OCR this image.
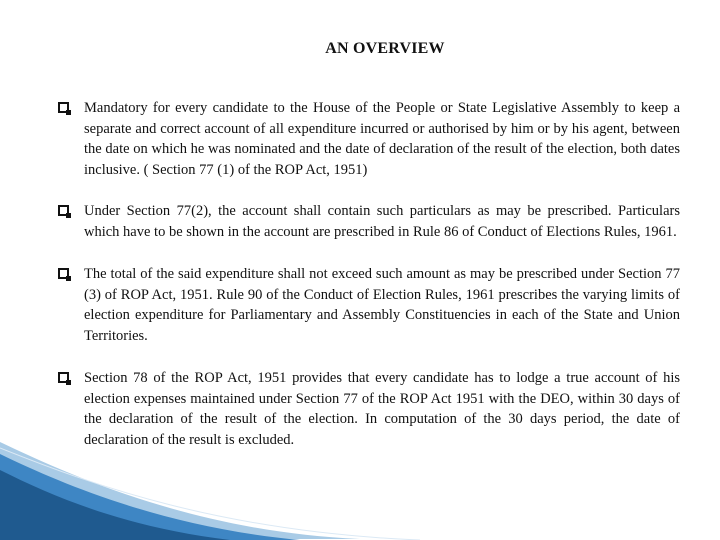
AN OVERVIEW
Mandatory for every candidate to the House of the People or State Legislative Assembly to keep a separate and correct account of all expenditure incurred or authorised by him or by his agent, between the date on which he was nominated and the date of declaration of the result of the election, both dates inclusive. ( Section 77 (1) of the ROP Act, 1951)
Under Section 77(2), the account shall contain such particulars as may be prescribed. Particulars which have to be shown in the account are prescribed in Rule 86 of Conduct of Elections Rules, 1961.
The total of the said expenditure shall not exceed such amount as may be prescribed under Section 77 (3) of ROP Act, 1951. Rule 90 of the Conduct of Election Rules, 1961 prescribes the varying limits of election expenditure for Parliamentary and Assembly Constituencies in each of the State and Union Territories.
Section 78 of the ROP Act, 1951 provides that every candidate has to lodge a true account of his election expenses maintained under Section 77 of the ROP Act 1951 with the DEO, within 30 days of the declaration of the result of the election. In computation of the 30 days period, the date of declaration of the result is excluded.
